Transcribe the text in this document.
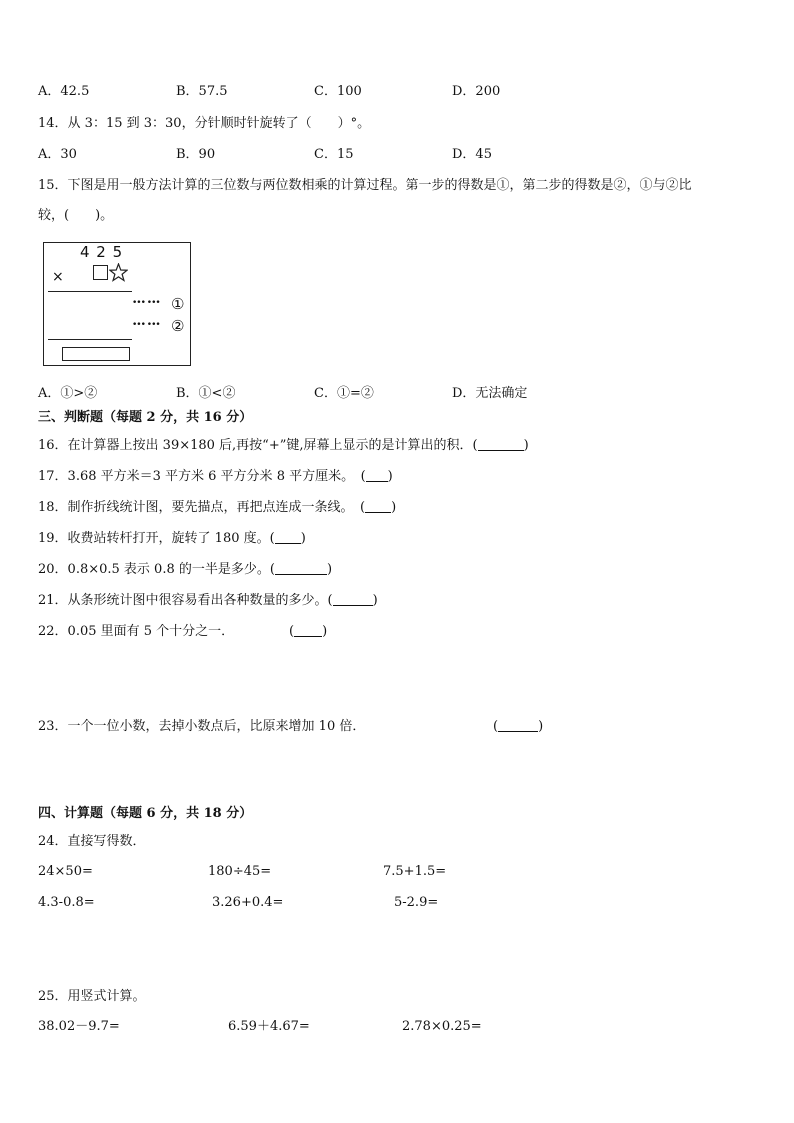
A．42.5	B．57.5	C．100	D．200
14．从 3：15 到 3：30，分针顺时针旋转了（　　）°。
A．30	B．90	C．15	D．45
15．下图是用一般方法计算的三位数与两位数相乘的计算过程。第一步的得数是①，第二步的得数是②，①与②比
较，(　　)。
4 2 5
×
••• ••• ①
••• ••• ②
A．①>②	B．①<②	C．①=②	D．无法确定
三、判断题（每题 2 分，共 16 分）
16．在计算器上按出 39×180 后,再按“+”键,屏幕上显示的是计算出的积．(	)
17．3.68 平方米＝3 平方米 6 平方分米 8 平方厘米。　( )
18．制作折线统计图，要先描点，再把点连成一条线。　( )
19．收费站转杆打开，旋转了 180 度。( )
20．0.8×0.5 表示 0.8 的一半是多少。(	)
21．从条形统计图中很容易看出各种数量的多少。(	)
22．0.05 里面有 5 个十分之一．	( )
23．一个一位小数，去掉小数点后，比原来增加 10 倍．	(	)
四、计算题（每题 6 分，共 18 分）
24．直接写得数．
24×50=	180÷45=	7.5+1.5=
4.3-0.8=	3.26+0.4=	5-2.9=
25．用竖式计算。
38.02－9.7=	6.59＋4.67=	2.78×0.25=
